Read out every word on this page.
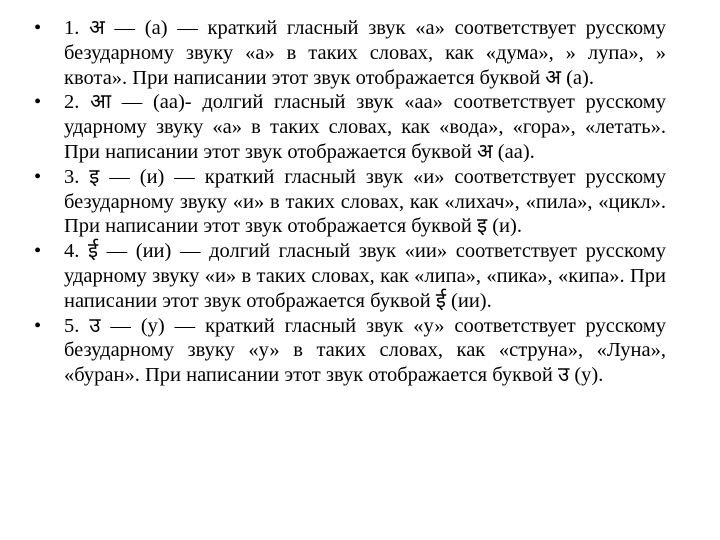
•	1. अ — (а) — краткий гласный звук «а» соответствует русскому безударному звуку «а» в таких словах, как «дума», » лупа», » квота». При написании этот звук отображается буквой अ (а).
•	2. आ — (аа)- долгий гласный звук «аа» соответствует русскому ударному звуку «а» в таких словах, как «вода», «гора», «летать». При написании этот звук отображается буквой अ (аа).
•	3. इ — (и) — краткий гласный звук «и» соответствует русскому безударному звуку «и» в таких словах, как «лихач», «пила», «цикл». При написании этот звук отображается буквой इ (и).
•	4. ई — (ии) — долгий гласный звук «ии» соответствует русскому ударному звуку «и» в таких словах, как «липа», «пика», «кипа». При написании этот звук отображается буквой ई (ии).
•	5. उ — (у) — краткий гласный звук «у» соответствует русскому безударному звуку «у» в таких словах, как «струна», «Луна», «буран». При написании этот звук отображается буквой उ (у).
